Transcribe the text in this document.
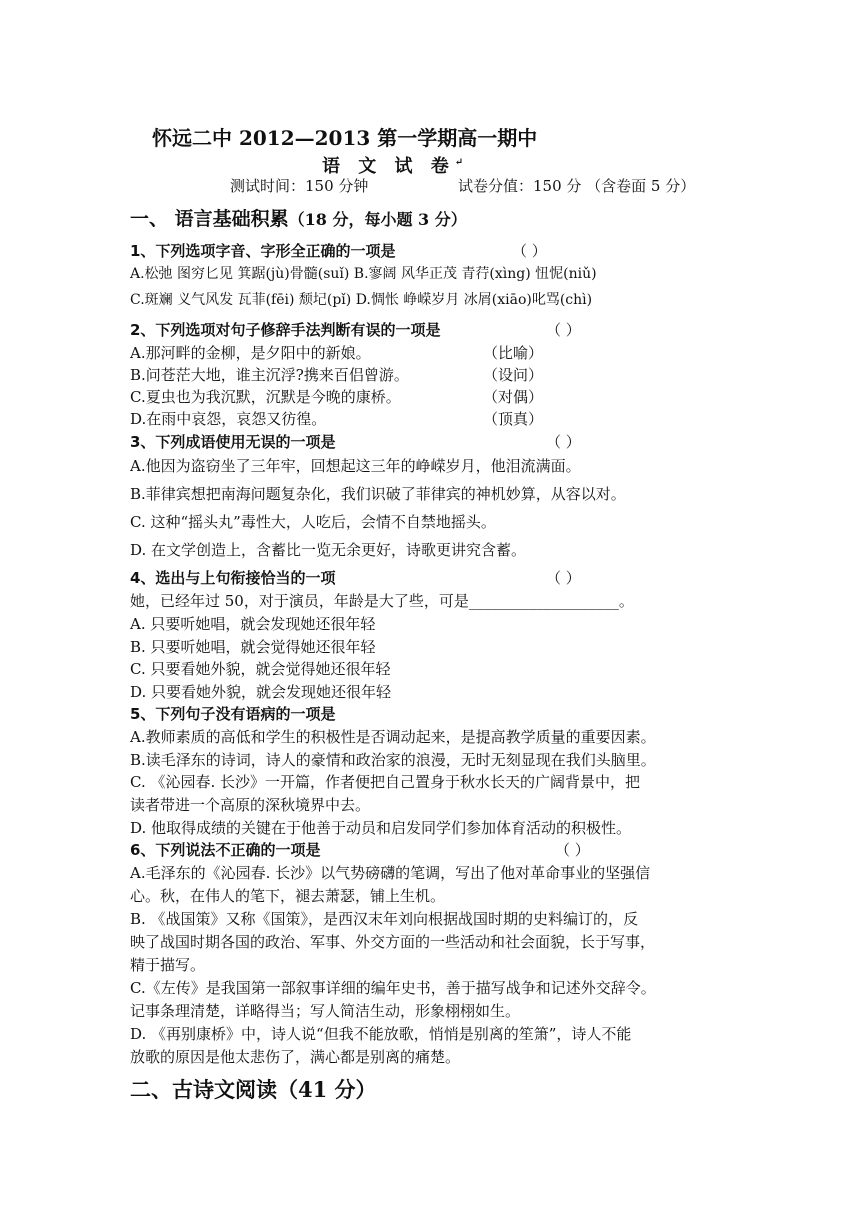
怀远二中 2012—2013 第一学期高一期中
语 文 试 卷↵
测试时间：150 分钟	试卷分值：150 分 （含卷面 5 分）
一、 语言基础积累（18 分，每小题 3 分）
1、下列选项字音、字形全正确的一项是	（ ）
A.松弛 图穷匕见 箕踞(jù)骨髓(suǐ) B.寥阔 风华正茂 青荇(xìng) 忸怩(niǔ)
C.斑斓 义气风发 瓦菲(fēi) 颓圮(pǐ) D.惆怅 峥嵘岁月 冰屑(xiāo)叱骂(chì)
2、下列选项对句子修辞手法判断有误的一项是	（ ）
A.那河畔的金柳，是夕阳中的新娘。	（比喻）
B.问苍茫大地，谁主沉浮?携来百侣曾游。	（设问）
C.夏虫也为我沉默，沉默是今晚的康桥。	（对偶）
D.在雨中哀怨，哀怨又彷徨。	（顶真）
3、下列成语使用无误的一项是	（ ）
A.他因为盗窃坐了三年牢，回想起这三年的峥嵘岁月，他泪流满面。
B.菲律宾想把南海问题复杂化，我们识破了菲律宾的神机妙算，从容以对。
C. 这种“摇头丸”毒性大，人吃后，会情不自禁地摇头。
D. 在文学创造上，含蓄比一览无余更好，诗歌更讲究含蓄。
4、选出与上句衔接恰当的一项	（ ）
她，已经年过 50，对于演员，年龄是大了些，可是____________________。
A. 只要听她唱，就会发现她还很年轻
B. 只要听她唱，就会觉得她还很年轻
C. 只要看她外貌，就会觉得她还很年轻
D. 只要看她外貌，就会发现她还很年轻
5、下列句子没有语病的一项是
A.教师素质的高低和学生的积极性是否调动起来，是提高教学质量的重要因素。
B.读毛泽东的诗词，诗人的豪情和政治家的浪漫，无时无刻显现在我们头脑里。
C. 《沁园春. 长沙》一开篇，作者便把自己置身于秋水长天的广阔背景中，把
读者带进一个高原的深秋境界中去。
D. 他取得成绩的关键在于他善于动员和启发同学们参加体育活动的积极性。
6、下列说法不正确的一项是	（ ）
A.毛泽东的《沁园春. 长沙》以气势磅礴的笔调，写出了他对革命事业的坚强信
心。秋，在伟人的笔下，褪去萧瑟，铺上生机。
B. 《战国策》又称《国策》，是西汉末年刘向根据战国时期的史料编订的，反
映了战国时期各国的政治、军事、外交方面的一些活动和社会面貌，长于写事，
精于描写。
C.《左传》是我国第一部叙事详细的编年史书，善于描写战争和记述外交辞令。
记事条理清楚，详略得当；写人简洁生动，形象栩栩如生。
D. 《再别康桥》中，诗人说“但我不能放歌，悄悄是别离的笙箫”，诗人不能
放歌的原因是他太悲伤了，满心都是别离的痛楚。
二、古诗文阅读（41 分）
